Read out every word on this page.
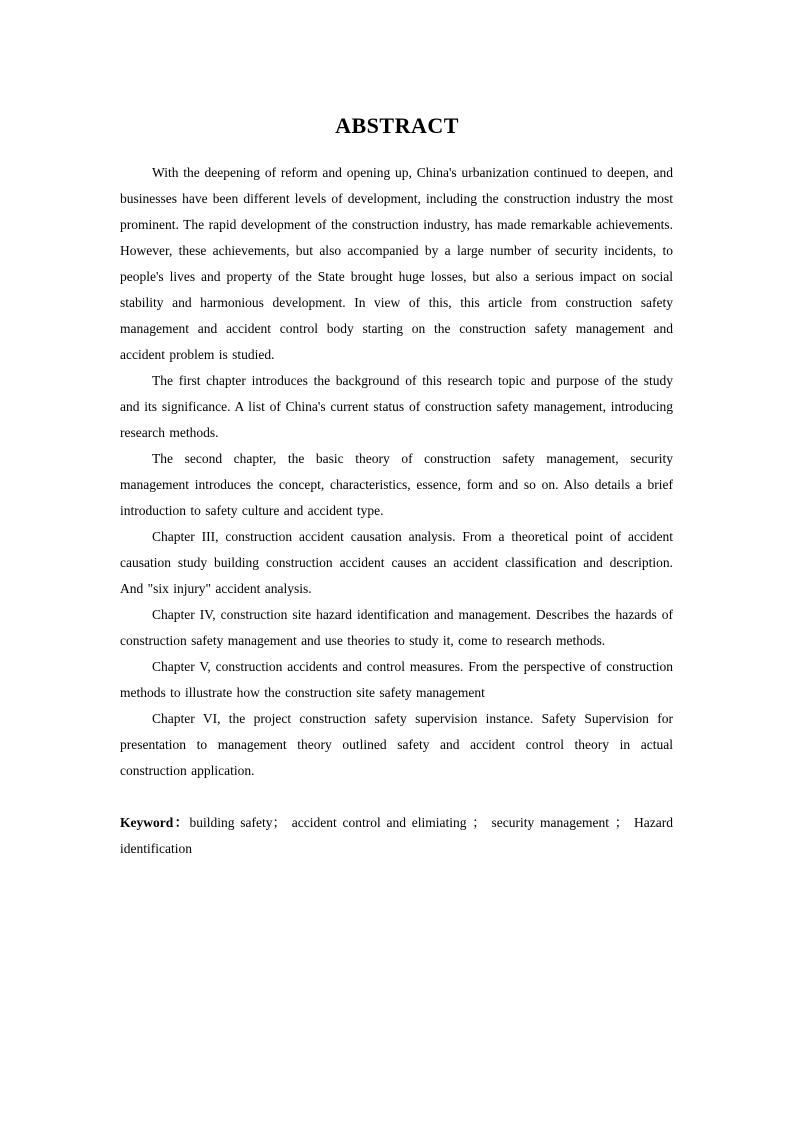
ABSTRACT

With the deepening of reform and opening up, China's urbanization continued to deepen, and businesses have been different levels of development, including the construction industry the most prominent. The rapid development of the construction industry, has made remarkable achievements. However, these achievements, but also accompanied by a large number of security incidents, to people's lives and property of the State brought huge losses, but also a serious impact on social stability and harmonious development. In view of this, this article from construction safety management and accident control body starting on the construction safety management and accident problem is studied.

The first chapter introduces the background of this research topic and purpose of the study and its significance. A list of China's current status of construction safety management, introducing research methods.

The second chapter, the basic theory of construction safety management, security management introduces the concept, characteristics, essence, form and so on. Also details a brief introduction to safety culture and accident type.

Chapter III, construction accident causation analysis. From a theoretical point of accident causation study building construction accident causes an accident classification and description. And "six injury" accident analysis.

Chapter IV, construction site hazard identification and management. Describes the hazards of construction safety management and use theories to study it, come to research methods.

Chapter V, construction accidents and control measures. From the perspective of construction methods to illustrate how the construction site safety management

Chapter VI, the project construction safety supervision instance. Safety Supervision for presentation to management theory outlined safety and accident control theory in actual construction application.

Keyword：building safety； accident control and elimiating ； security management ； Hazard identification
